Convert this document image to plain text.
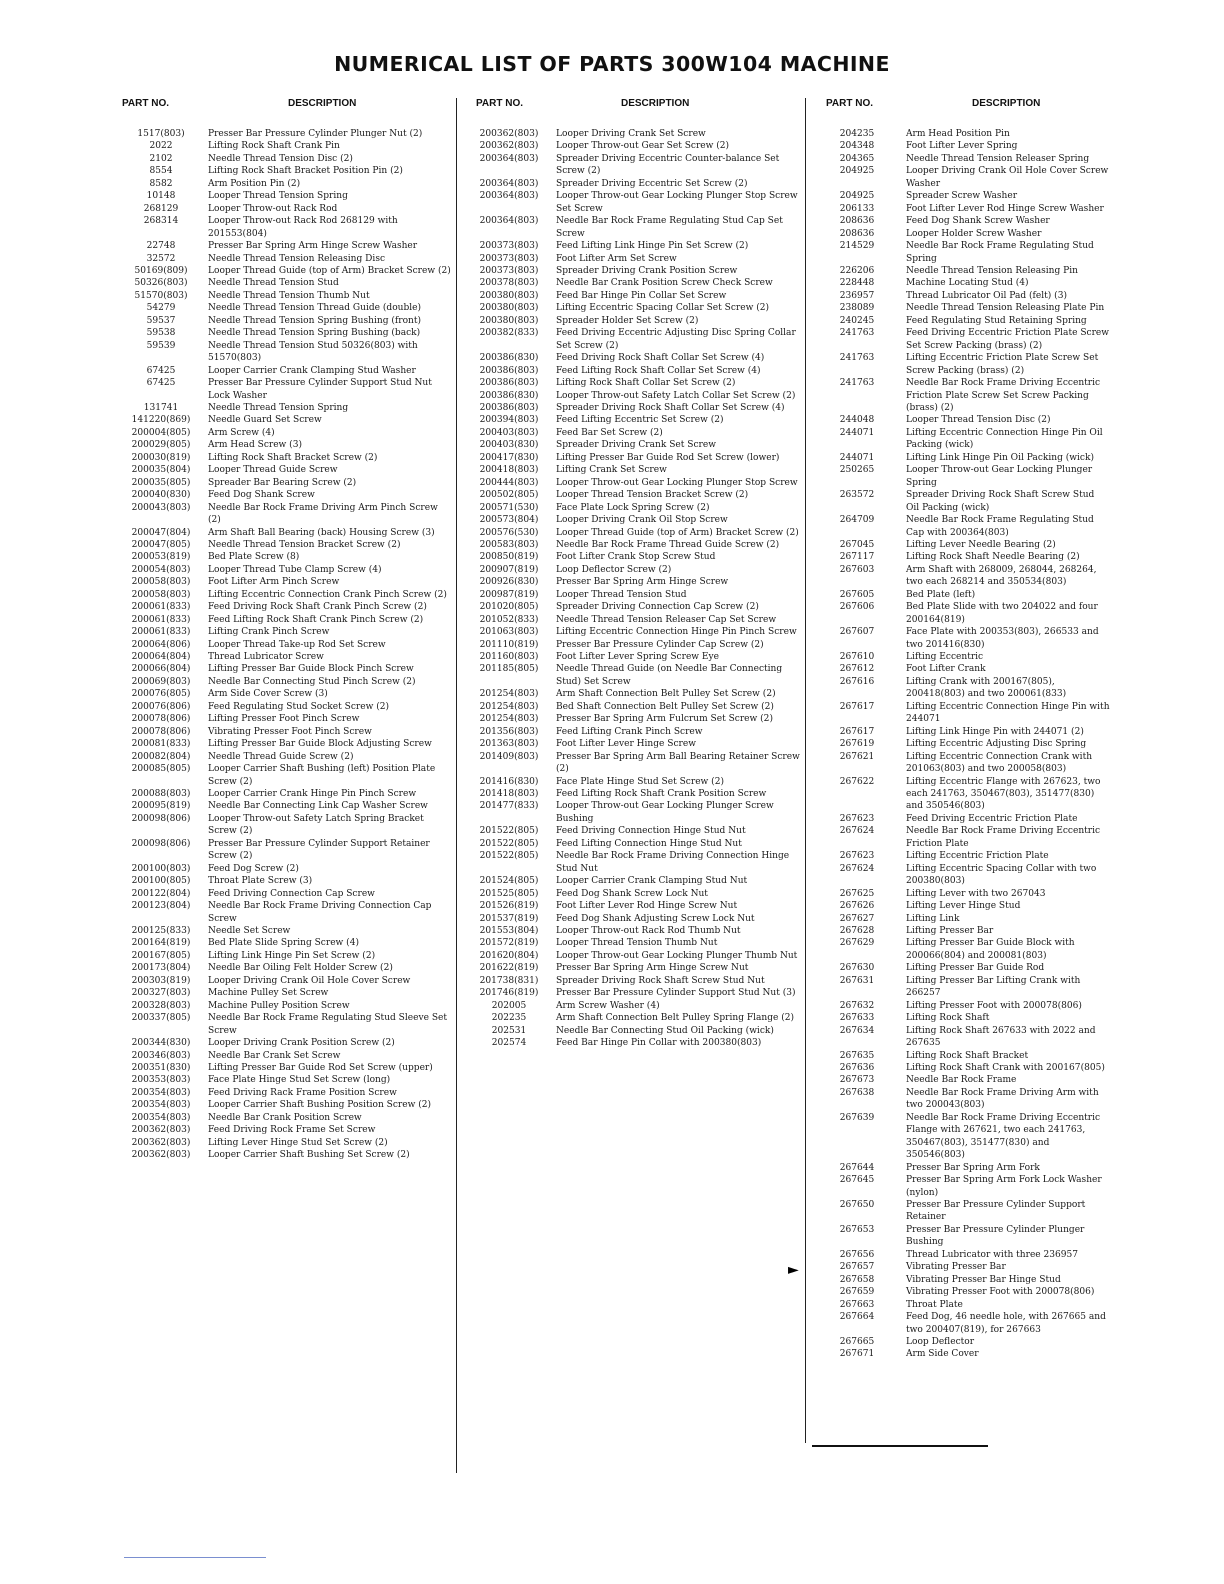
NUMERICAL LIST OF PARTS 300W104 MACHINE
PART NO.	DESCRIPTION
1517(803)	Presser Bar Pressure Cylinder Plunger Nut (2)
2022	Lifting Rock Shaft Crank Pin
2102	Needle Thread Tension Disc (2)
8554	Lifting Rock Shaft Bracket Position Pin (2)
8582	Arm Position Pin (2)
10148	Looper Thread Tension Spring
268129	Looper Throw-out Rack Rod
268314	Looper Throw-out Rack Rod 268129 with 201553(804)
22748	Presser Bar Spring Arm Hinge Screw Washer
32572	Needle Thread Tension Releasing Disc
50169(809)	Looper Thread Guide (top of Arm) Bracket Screw (2)
50326(803)	Needle Thread Tension Stud
51570(803)	Needle Thread Tension Thumb Nut
54279	Needle Thread Tension Thread Guide (double)
59537	Needle Thread Tension Spring Bushing (front)
59538	Needle Thread Tension Spring Bushing (back)
59539	Needle Thread Tension Stud 50326(803) with 51570(803)
67425	Looper Carrier Crank Clamping Stud Washer
67425	Presser Bar Pressure Cylinder Support Stud Nut Lock Washer
131741	Needle Thread Tension Spring
141220(869)	Needle Guard Set Screw
200004(805)	Arm Screw (4)
200029(805)	Arm Head Screw (3)
200030(819)	Lifting Rock Shaft Bracket Screw (2)
200035(804)	Looper Thread Guide Screw
200035(805)	Spreader Bar Bearing Screw (2)
200040(830)	Feed Dog Shank Screw
200043(803)	Needle Bar Rock Frame Driving Arm Pinch Screw (2)
200047(804)	Arm Shaft Ball Bearing (back) Housing Screw (3)
200047(805)	Needle Thread Tension Bracket Screw (2)
200053(819)	Bed Plate Screw (8)
200054(803)	Looper Thread Tube Clamp Screw (4)
200058(803)	Foot Lifter Arm Pinch Screw
200058(803)	Lifting Eccentric Connection Crank Pinch Screw (2)
200061(833)	Feed Driving Rock Shaft Crank Pinch Screw (2)
200061(833)	Feed Lifting Rock Shaft Crank Pinch Screw (2)
200061(833)	Lifting Crank Pinch Screw
200064(806)	Looper Thread Take-up Rod Set Screw
200064(804)	Thread Lubricator Screw
200066(804)	Lifting Presser Bar Guide Block Pinch Screw
200069(803)	Needle Bar Connecting Stud Pinch Screw (2)
200076(805)	Arm Side Cover Screw (3)
200076(806)	Feed Regulating Stud Socket Screw (2)
200078(806)	Lifting Presser Foot Pinch Screw
200078(806)	Vibrating Presser Foot Pinch Screw
200081(833)	Lifting Presser Bar Guide Block Adjusting Screw
200082(804)	Needle Thread Guide Screw (2)
200085(805)	Looper Carrier Shaft Bushing (left) Position Plate Screw (2)
200088(803)	Looper Carrier Crank Hinge Pin Pinch Screw
200095(819)	Needle Bar Connecting Link Cap Washer Screw
200098(806)	Looper Throw-out Safety Latch Spring Bracket Screw (2)
200098(806)	Presser Bar Pressure Cylinder Support Retainer Screw (2)
200100(803)	Feed Dog Screw (2)
200100(805)	Throat Plate Screw (3)
200122(804)	Feed Driving Connection Cap Screw
200123(804)	Needle Bar Rock Frame Driving Connection Cap Screw
200125(833)	Needle Set Screw
200164(819)	Bed Plate Slide Spring Screw (4)
200167(805)	Lifting Link Hinge Pin Set Screw (2)
200173(804)	Needle Bar Oiling Felt Holder Screw (2)
200303(819)	Looper Driving Crank Oil Hole Cover Screw
200327(803)	Machine Pulley Set Screw
200328(803)	Machine Pulley Position Screw
200337(805)	Needle Bar Rock Frame Regulating Stud Sleeve Set Screw
200344(830)	Looper Driving Crank Position Screw (2)
200346(803)	Needle Bar Crank Set Screw
200351(830)	Lifting Presser Bar Guide Rod Set Screw (upper)
200353(803)	Face Plate Hinge Stud Set Screw (long)
200354(803)	Feed Driving Rack Frame Position Screw
200354(803)	Looper Carrier Shaft Bushing Position Screw (2)
200354(803)	Needle Bar Crank Position Screw
200362(803)	Feed Driving Rock Frame Set Screw
200362(803)	Lifting Lever Hinge Stud Set Screw (2)
200362(803)	Looper Carrier Shaft Bushing Set Screw (2)
PART NO.	DESCRIPTION
200362(803)	Looper Driving Crank Set Screw
200362(803)	Looper Throw-out Gear Set Screw (2)
200364(803)	Spreader Driving Eccentric Counter-balance Set Screw (2)
200364(803)	Spreader Driving Eccentric Set Screw (2)
200364(803)	Looper Throw-out Gear Locking Plunger Stop Screw Set Screw
200364(803)	Needle Bar Rock Frame Regulating Stud Cap Set Screw
200373(803)	Feed Lifting Link Hinge Pin Set Screw (2)
200373(803)	Foot Lifter Arm Set Screw
200373(803)	Spreader Driving Crank Position Screw
200378(803)	Needle Bar Crank Position Screw Check Screw
200380(803)	Feed Bar Hinge Pin Collar Set Screw
200380(803)	Lifting Eccentric Spacing Collar Set Screw (2)
200380(803)	Spreader Holder Set Screw (2)
200382(833)	Feed Driving Eccentric Adjusting Disc Spring Collar Set Screw (2)
200386(830)	Feed Driving Rock Shaft Collar Set Screw (4)
200386(803)	Feed Lifting Rock Shaft Collar Set Screw (4)
200386(803)	Lifting Rock Shaft Collar Set Screw (2)
200386(830)	Looper Throw-out Safety Latch Collar Set Screw (2)
200386(803)	Spreader Driving Rock Shaft Collar Set Screw (4)
200394(803)	Feed Lifting Eccentric Set Screw (2)
200403(803)	Feed Bar Set Screw (2)
200403(830)	Spreader Driving Crank Set Screw
200417(830)	Lifting Presser Bar Guide Rod Set Screw (lower)
200418(803)	Lifting Crank Set Screw
200444(803)	Looper Throw-out Gear Locking Plunger Stop Screw
200502(805)	Looper Thread Tension Bracket Screw (2)
200571(530)	Face Plate Lock Spring Screw (2)
200573(804)	Looper Driving Crank Oil Stop Screw
200576(530)	Looper Thread Guide (top of Arm) Bracket Screw (2)
200583(803)	Needle Bar Rock Frame Thread Guide Screw (2)
200850(819)	Foot Lifter Crank Stop Screw Stud
200907(819)	Loop Deflector Screw (2)
200926(830)	Presser Bar Spring Arm Hinge Screw
200987(819)	Looper Thread Tension Stud
201020(805)	Spreader Driving Connection Cap Screw (2)
201052(833)	Needle Thread Tension Releaser Cap Set Screw
201063(803)	Lifting Eccentric Connection Hinge Pin Pinch Screw
201110(819)	Presser Bar Pressure Cylinder Cap Screw (2)
201160(803)	Foot Lifter Lever Spring Screw Eye
201185(805)	Needle Thread Guide (on Needle Bar Connecting Stud) Set Screw
201254(803)	Arm Shaft Connection Belt Pulley Set Screw (2)
201254(803)	Bed Shaft Connection Belt Pulley Set Screw (2)
201254(803)	Presser Bar Spring Arm Fulcrum Set Screw (2)
201356(803)	Feed Lifting Crank Pinch Screw
201363(803)	Foot Lifter Lever Hinge Screw
201409(803)	Presser Bar Spring Arm Ball Bearing Retainer Screw (2)
201416(830)	Face Plate Hinge Stud Set Screw (2)
201418(803)	Feed Lifting Rock Shaft Crank Position Screw
201477(833)	Looper Throw-out Gear Locking Plunger Screw Bushing
201522(805)	Feed Driving Connection Hinge Stud Nut
201522(805)	Feed Lifting Connection Hinge Stud Nut
201522(805)	Needle Bar Rock Frame Driving Connection Hinge Stud Nut
201524(805)	Looper Carrier Crank Clamping Stud Nut
201525(805)	Feed Dog Shank Screw Lock Nut
201526(819)	Foot Lifter Lever Rod Hinge Screw Nut
201537(819)	Feed Dog Shank Adjusting Screw Lock Nut
201553(804)	Looper Throw-out Rack Rod Thumb Nut
201572(819)	Looper Thread Tension Thumb Nut
201620(804)	Looper Throw-out Gear Locking Plunger Thumb Nut
201622(819)	Presser Bar Spring Arm Hinge Screw Nut
201738(831)	Spreader Driving Rock Shaft Screw Stud Nut
201746(819)	Presser Bar Pressure Cylinder Support Stud Nut (3)
202005	Arm Screw Washer (4)
202235	Arm Shaft Connection Belt Pulley Spring Flange (2)
202531	Needle Bar Connecting Stud Oil Packing (wick)
202574	Feed Bar Hinge Pin Collar with 200380(803)
PART NO.	DESCRIPTION
204235	Arm Head Position Pin
204348	Foot Lifter Lever Spring
204365	Needle Thread Tension Releaser Spring
204925	Looper Driving Crank Oil Hole Cover Screw Washer
204925	Spreader Screw Washer
206133	Foot Lifter Lever Rod Hinge Screw Washer
208636	Feed Dog Shank Screw Washer
208636	Looper Holder Screw Washer
214529	Needle Bar Rock Frame Regulating Stud Spring
226206	Needle Thread Tension Releasing Pin
228448	Machine Locating Stud (4)
236957	Thread Lubricator Oil Pad (felt) (3)
238089	Needle Thread Tension Releasing Plate Pin
240245	Feed Regulating Stud Retaining Spring
241763	Feed Driving Eccentric Friction Plate Screw Set Screw Packing (brass) (2)
241763	Lifting Eccentric Friction Plate Screw Set Screw Packing (brass) (2)
241763	Needle Bar Rock Frame Driving Eccentric Friction Plate Screw Set Screw Packing (brass) (2)
244048	Looper Thread Tension Disc (2)
244071	Lifting Eccentric Connection Hinge Pin Oil Packing (wick)
244071	Lifting Link Hinge Pin Oil Packing (wick)
250265	Looper Throw-out Gear Locking Plunger Spring
263572	Spreader Driving Rock Shaft Screw Stud Oil Packing (wick)
264709	Needle Bar Rock Frame Regulating Stud Cap with 200364(803)
267045	Lifting Lever Needle Bearing (2)
267117	Lifting Rock Shaft Needle Bearing (2)
267603	Arm Shaft with 268009, 268044, 268264, two each 268214 and 350534(803)
267605	Bed Plate (left)
267606	Bed Plate Slide with two 204022 and four 200164(819)
267607	Face Plate with 200353(803), 266533 and two 201416(830)
267610	Lifting Eccentric
267612	Foot Lifter Crank
267616	Lifting Crank with 200167(805), 200418(803) and two 200061(833)
267617	Lifting Eccentric Connection Hinge Pin with 244071
267617	Lifting Link Hinge Pin with 244071 (2)
267619	Lifting Eccentric Adjusting Disc Spring
267621	Lifting Eccentric Connection Crank with 201063(803) and two 200058(803)
267622	Lifting Eccentric Flange with 267623, two each 241763, 350467(803), 351477(830) and 350546(803)
267623	Feed Driving Eccentric Friction Plate
267624	Needle Bar Rock Frame Driving Eccentric Friction Plate
267623	Lifting Eccentric Friction Plate
267624	Lifting Eccentric Spacing Collar with two 200380(803)
267625	Lifting Lever with two 267043
267626	Lifting Lever Hinge Stud
267627	Lifting Link
267628	Lifting Presser Bar
267629	Lifting Presser Bar Guide Block with 200066(804) and 200081(803)
267630	Lifting Presser Bar Guide Rod
267631	Lifting Presser Bar Lifting Crank with 266257
267632	Lifting Presser Foot with 200078(806)
267633	Lifting Rock Shaft
267634	Lifting Rock Shaft 267633 with 2022 and 267635
267635	Lifting Rock Shaft Bracket
267636	Lifting Rock Shaft Crank with 200167(805)
267673	Needle Bar Rock Frame
267638	Needle Bar Rock Frame Driving Arm with two 200043(803)
267639	Needle Bar Rock Frame Driving Eccentric Flange with 267621, two each 241763, 350467(803), 351477(830) and 350546(803)
267644	Presser Bar Spring Arm Fork
267645	Presser Bar Spring Arm Fork Lock Washer (nylon)
267650	Presser Bar Pressure Cylinder Support Retainer
267653	Presser Bar Pressure Cylinder Plunger Bushing
267656	Thread Lubricator with three 236957
267657	Vibrating Presser Bar
267658	Vibrating Presser Bar Hinge Stud
267659	Vibrating Presser Foot with 200078(806)
267663	Throat Plate
267664	Feed Dog, 46 needle hole, with 267665 and two 200407(819), for 267663
267665	Loop Deflector
267671	Arm Side Cover
►
